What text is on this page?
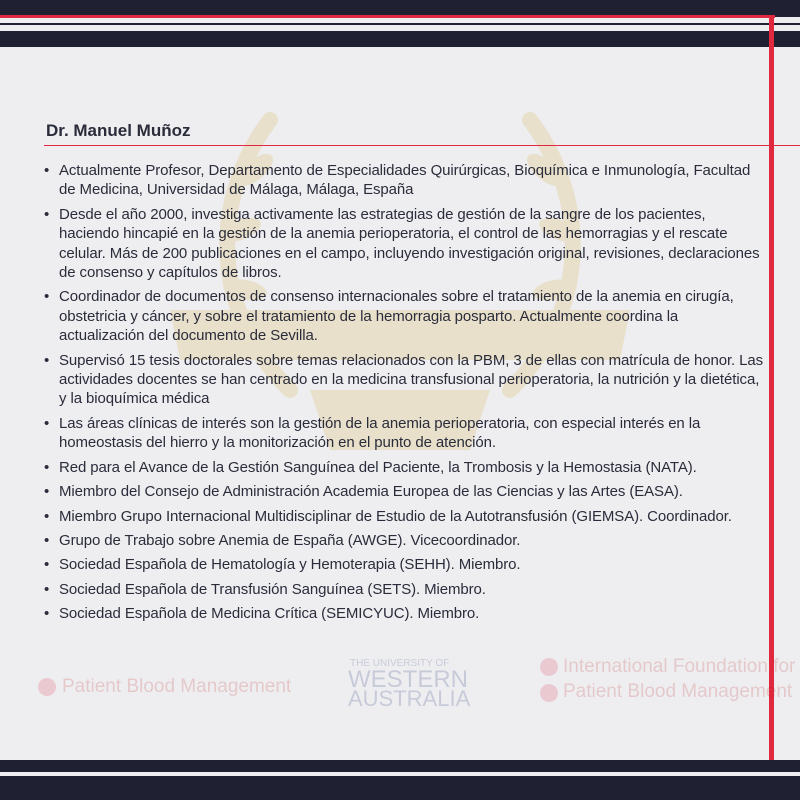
Patient Blood Management
THE UNIVERSITY OF
WESTERN
AUSTRALIA
International Foundation for
Patient Blood Management
Dr. Manuel Muñoz
• Actualmente Profesor, Departamento de Especialidades Quirúrgicas, Bioquímica e Inmunología, Facultad de Medicina, Universidad de Málaga, Málaga, España
• Desde el año 2000, investiga activamente las estrategias de gestión de la sangre de los pacientes, haciendo hincapié en la gestión de la anemia perioperatoria, el control de las hemorragias y el rescate celular. Más de 200 publicaciones en el campo, incluyendo investigación original, revisiones, declaraciones de consenso y capítulos de libros.
• Coordinador de documentos de consenso internacionales sobre el tratamiento de la anemia en cirugía, obstetricia y cáncer, y sobre el tratamiento de la hemorragia posparto. Actualmente coordina la actualización del documento de Sevilla.
• Supervisó 15 tesis doctorales sobre temas relacionados con la PBM, 3 de ellas con matrícula de honor. Las actividades docentes se han centrado en la medicina transfusional perioperatoria, la nutrición y la dietética, y la bioquímica médica
• Las áreas clínicas de interés son la gestión de la anemia perioperatoria, con especial interés en la homeostasis del hierro y la monitorización en el punto de atención.
• Red para el Avance de la Gestión Sanguínea del Paciente, la Trombosis y la Hemostasia (NATA).
• Miembro del Consejo de Administración Academia Europea de las Ciencias y las Artes (EASA).
• Miembro Grupo Internacional Multidisciplinar de Estudio de la Autotransfusión (GIEMSA). Coordinador.
• Grupo de Trabajo sobre Anemia de España (AWGE). Vicecoordinador.
• Sociedad Española de Hematología y Hemoterapia (SEHH). Miembro.
• Sociedad Española de Transfusión Sanguínea (SETS). Miembro.
• Sociedad Española de Medicina Crítica (SEMICYUC). Miembro.
